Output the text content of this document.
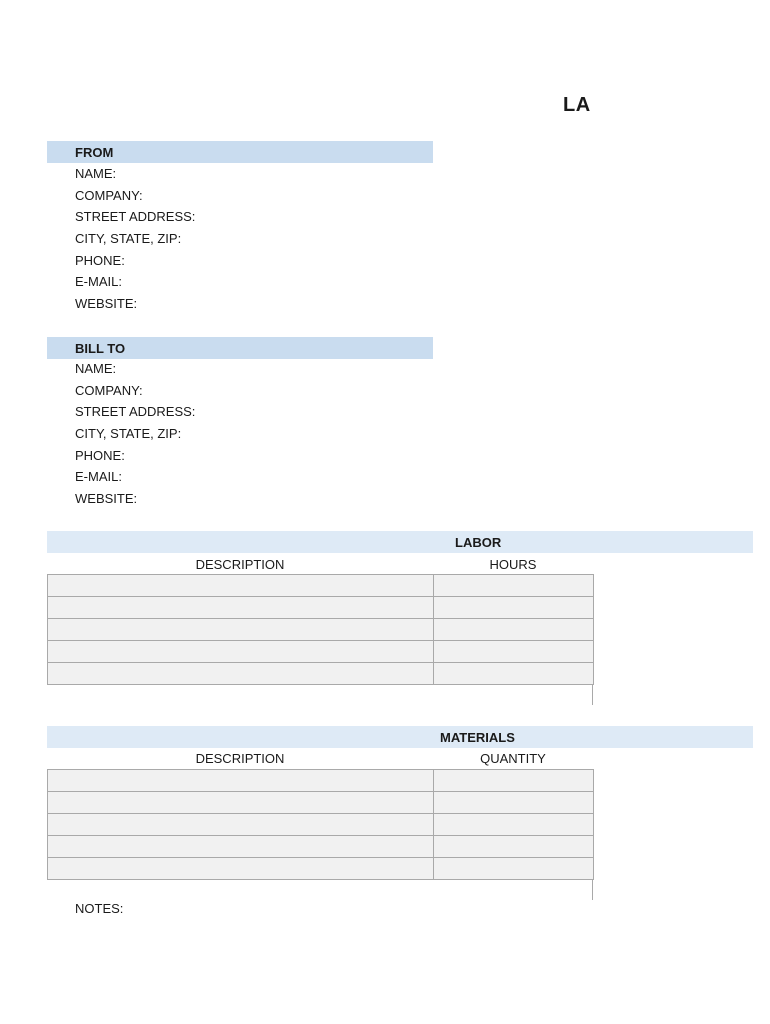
LA
FROM
NAME:
COMPANY:
STREET ADDRESS:
CITY, STATE, ZIP:
PHONE:
E-MAIL:
WEBSITE:
BILL TO
NAME:
COMPANY:
STREET ADDRESS:
CITY, STATE, ZIP:
PHONE:
E-MAIL:
WEBSITE:
LABOR
DESCRIPTION	HOURS
MATERIALS
DESCRIPTION	QUANTITY
NOTES:
